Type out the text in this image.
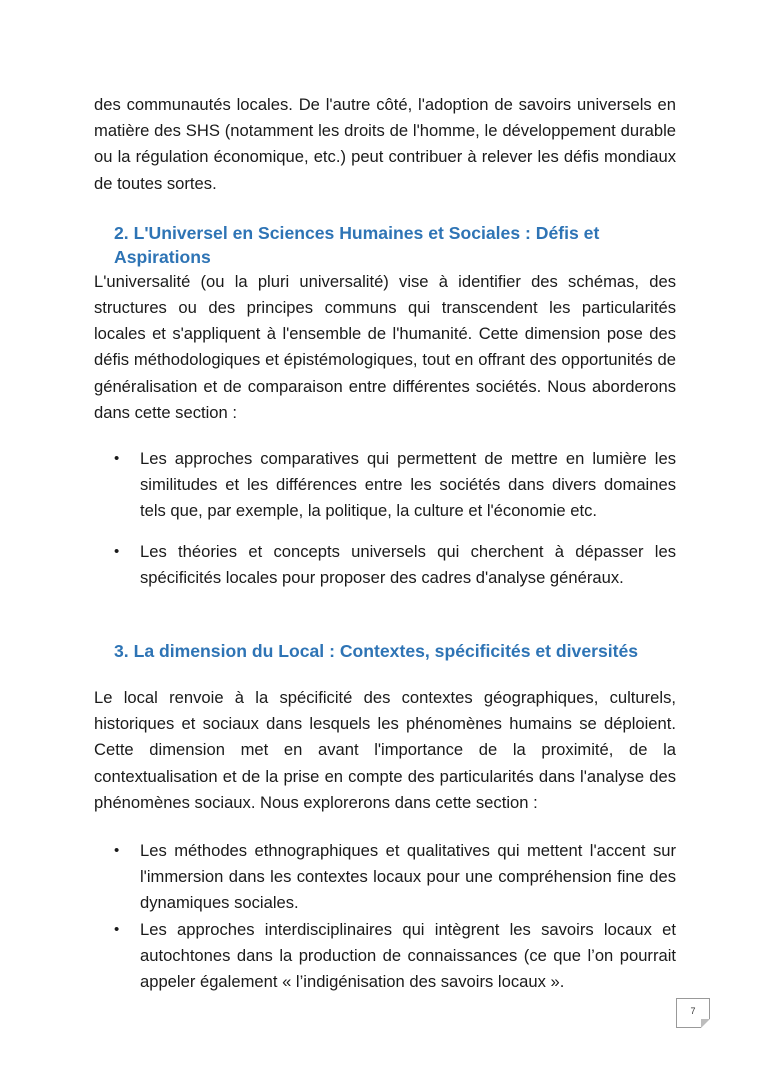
des communautés locales. De l'autre côté, l'adoption de savoirs universels en matière des SHS (notamment les droits de l'homme, le développement durable ou la régulation économique, etc.) peut contribuer à relever les défis mondiaux de toutes sortes.

2. L'Universel en Sciences Humaines et Sociales : Défis et Aspirations

L'universalité (ou la pluri universalité) vise à identifier des schémas, des structures ou des principes communs qui transcendent les particularités locales et s'appliquent à l'ensemble de l'humanité. Cette dimension pose des défis méthodologiques et épistémologiques, tout en offrant des opportunités de généralisation et de comparaison entre différentes sociétés. Nous aborderons dans cette section :

• Les approches comparatives qui permettent de mettre en lumière les similitudes et les différences entre les sociétés dans divers domaines tels que, par exemple, la politique, la culture et l'économie etc.
• Les théories et concepts universels qui cherchent à dépasser les spécificités locales pour proposer des cadres d'analyse généraux.
3. La dimension du Local : Contextes, spécificités et diversités

Le local renvoie à la spécificité des contextes géographiques, culturels, historiques et sociaux dans lesquels les phénomènes humains se déploient. Cette dimension met en avant l'importance de la proximité, de la contextualisation et de la prise en compte des particularités dans l'analyse des phénomènes sociaux. Nous explorerons dans cette section :

• Les méthodes ethnographiques et qualitatives qui mettent l'accent sur l'immersion dans les contextes locaux pour une compréhension fine des dynamiques sociales.
• Les approches interdisciplinaires qui intègrent les savoirs locaux et autochtones dans la production de connaissances (ce que l’on pourrait appeler également « l’indigénisation des savoirs locaux ».
7
